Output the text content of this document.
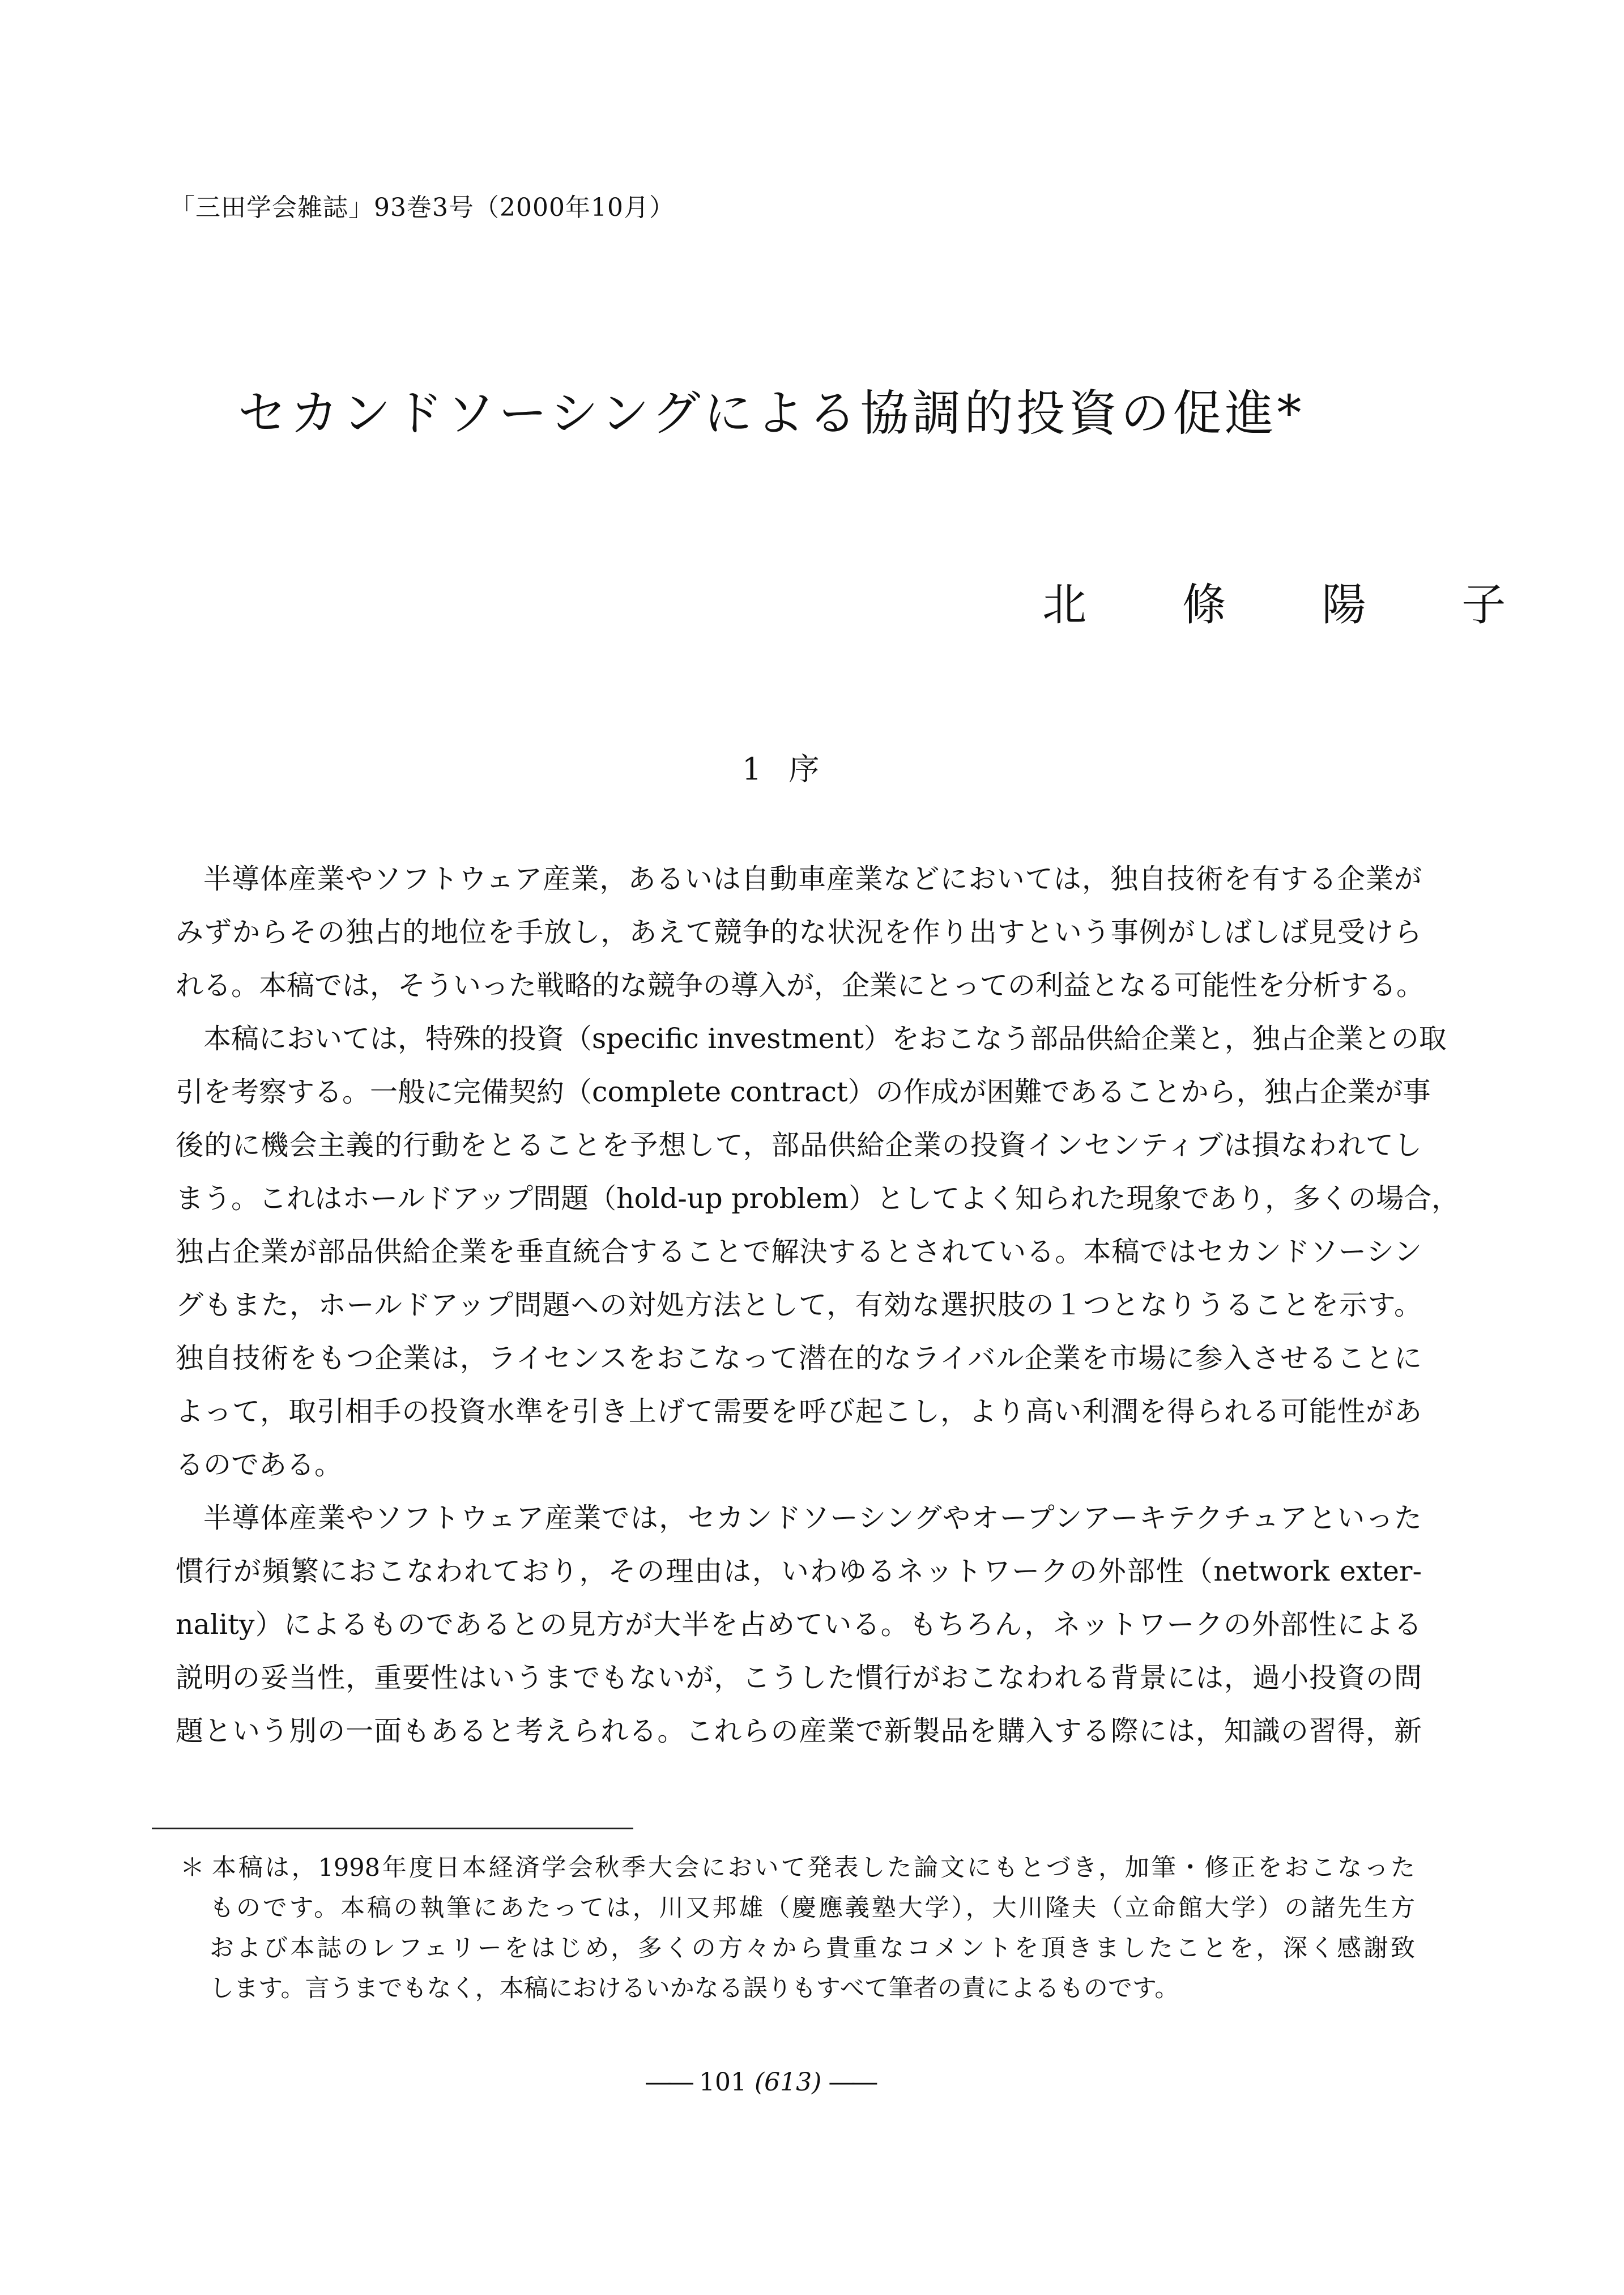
「三田学会雑誌」93巻3号（2000年10月）
セカンドソーシングによる協調的投資の促進*
北 條 陽 子
1 序
半導体産業やソフトウェア産業，あるいは自動車産業などにおいては，独自技術を有する企業が
みずからその独占的地位を手放し，あえて競争的な状況を作り出すという事例がしばしば見受けら
れる。本稿では，そういった戦略的な競争の導入が，企業にとっての利益となる可能性を分析する。
本稿においては，特殊的投資（specific investment）をおこなう部品供給企業と，独占企業との取
引を考察する。一般に完備契約（complete contract）の作成が困難であることから，独占企業が事
後的に機会主義的行動をとることを予想して，部品供給企業の投資インセンティブは損なわれてし
まう。これはホールドアップ問題（hold-up problem）としてよく知られた現象であり，多くの場合，
独占企業が部品供給企業を垂直統合することで解決するとされている。本稿ではセカンドソーシン
グもまた，ホールドアップ問題への対処方法として，有効な選択肢の１つとなりうることを示す。
独自技術をもつ企業は，ライセンスをおこなって潜在的なライバル企業を市場に参入させることに
よって，取引相手の投資水準を引き上げて需要を呼び起こし，より高い利潤を得られる可能性があ
るのである。
半導体産業やソフトウェア産業では，セカンドソーシングやオープンアーキテクチュアといった
慣行が頻繁におこなわれており，その理由は，いわゆるネットワークの外部性（network exter-
nality）によるものであるとの見方が大半を占めている。もちろん，ネットワークの外部性による
説明の妥当性，重要性はいうまでもないが，こうした慣行がおこなわれる背景には，過小投資の問
題という別の一面もあると考えられる。これらの産業で新製品を購入する際には，知識の習得，新
＊ 本稿は，1998年度日本経済学会秋季大会において発表した論文にもとづき，加筆・修正をおこなった
ものです。本稿の執筆にあたっては，川又邦雄（慶應義塾大学），大川隆夫（立命館大学）の諸先生方
および本誌のレフェリーをはじめ，多くの方々から貴重なコメントを頂きましたことを，深く感謝致
します。言うまでもなく，本稿におけるいかなる誤りもすべて筆者の責によるものです。
―― 101 (613) ――
